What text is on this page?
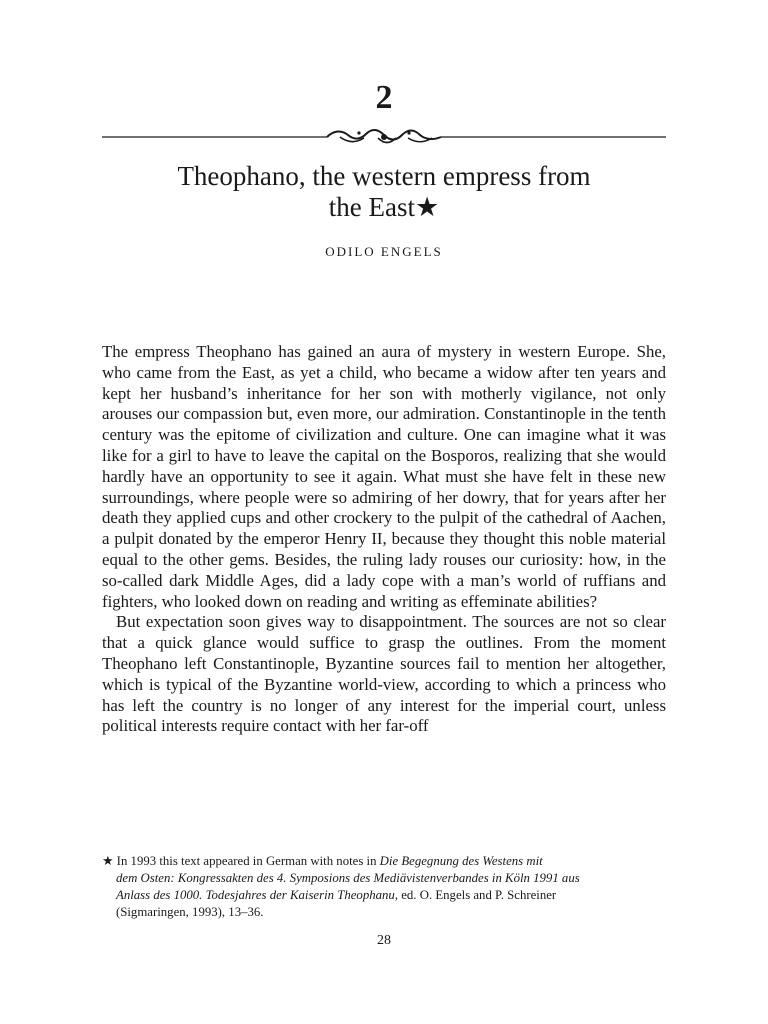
2
Theophano, the western empress from
the East★
ODILO ENGELS

The empress Theophano has gained an aura of mystery in western Europe. She, who came from the East, as yet a child, who became a widow after ten years and kept her husband’s inheritance for her son with motherly vigilance, not only arouses our compassion but, even more, our admiration. Constantinople in the tenth century was the epitome of civilization and culture. One can imagine what it was like for a girl to have to leave the capital on the Bosporos, realizing that she would hardly have an opportunity to see it again. What must she have felt in these new surroundings, where people were so admiring of her dowry, that for years after her death they applied cups and other crockery to the pulpit of the cathedral of Aachen, a pulpit donated by the emperor Henry II, because they thought this noble material equal to the other gems. Besides, the ruling lady rouses our curiosity: how, in the so-called dark Middle Ages, did a lady cope with a man’s world of ruffians and fighters, who looked down on reading and writing as effeminate abilities?

But expectation soon gives way to disappointment. The sources are not so clear that a quick glance would suffice to grasp the outlines. From the moment Theophano left Constantinople, Byzantine sources fail to mention her altogether, which is typical of the Byzantine world-view, according to which a princess who has left the country is no longer of any interest for the imperial court, unless political interests require contact with her far-off

★ In 1993 this text appeared in German with notes in Die Begegnung des Westens mit
dem Osten: Kongressakten des 4. Symposions des Mediävistenverbandes in Köln 1991 aus
Anlass des 1000. Todesjahres der Kaiserin Theophanu, ed. O. Engels and P. Schreiner
(Sigmaringen, 1993), 13–36.
28
